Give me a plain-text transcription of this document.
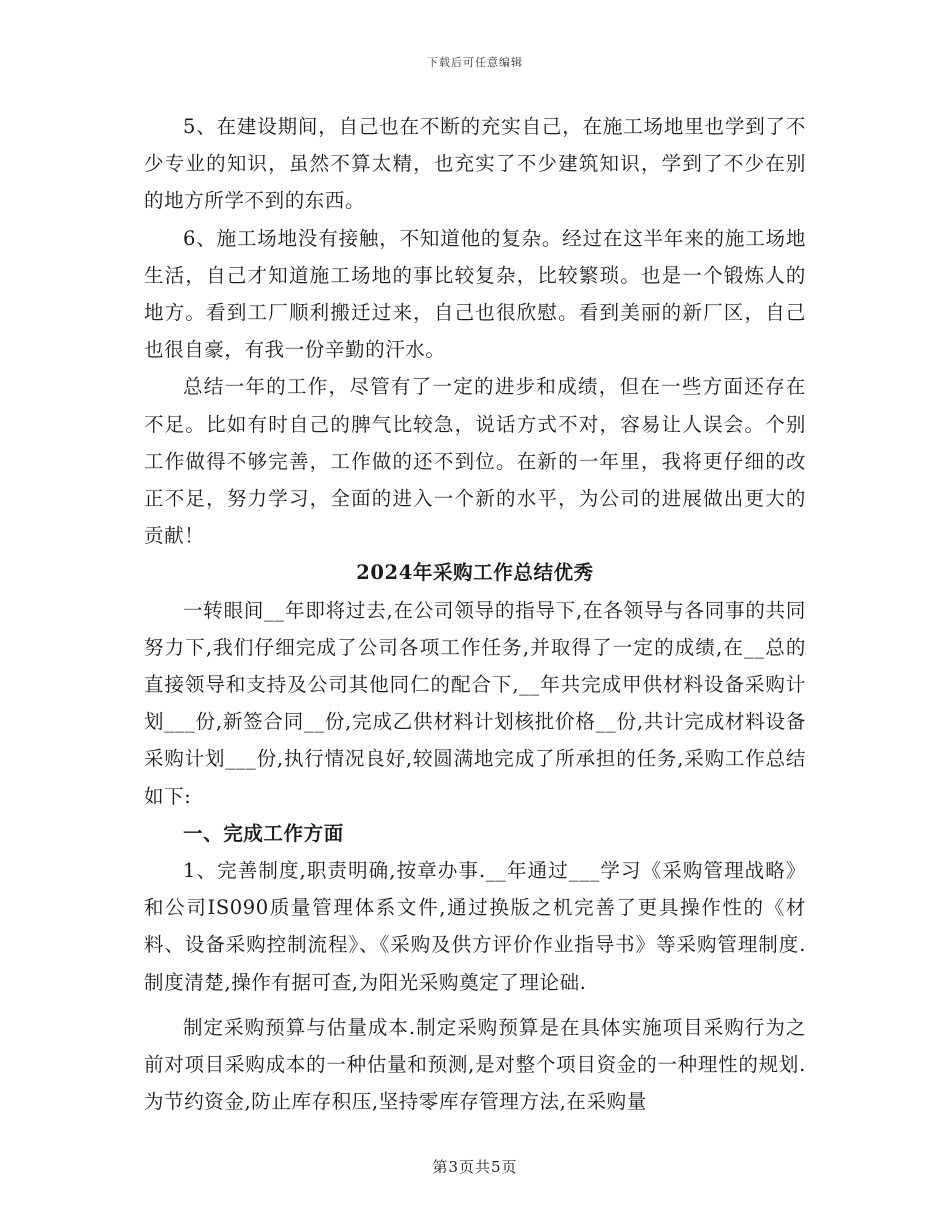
下载后可任意编辑

5、在建设期间，自己也在不断的充实自己，在施工场地里也学到了不少专业的知识，虽然不算太精，也充实了不少建筑知识，学到了不少在别的地方所学不到的东西。

6、施工场地没有接触，不知道他的复杂。经过在这半年来的施工场地生活，自己才知道施工场地的事比较复杂，比较繁琐。也是一个锻炼人的地方。看到工厂顺利搬迁过来，自己也很欣慰。看到美丽的新厂区，自己也很自豪，有我一份辛勤的汗水。

总结一年的工作，尽管有了一定的进步和成绩，但在一些方面还存在不足。比如有时自己的脾气比较急，说话方式不对，容易让人误会。个别工作做得不够完善，工作做的还不到位。在新的一年里，我将更仔细的改正不足，努力学习，全面的进入一个新的水平，为公司的进展做出更大的贡献！

2024年采购工作总结优秀

一转眼间__年即将过去,在公司领导的指导下,在各领导与各同事的共同努力下,我们仔细完成了公司各项工作任务,并取得了一定的成绩,在__总的直接领导和支持及公司其他同仁的配合下,__年共完成甲供材料设备采购计划___份,新签合同__份,完成乙供材料计划核批价格__份,共计完成材料设备采购计划___份,执行情况良好,较圆满地完成了所承担的任务,采购工作总结如下:

一、完成工作方面

1、完善制度,职责明确,按章办事.__年通过___学习《采购管理战略》和公司IS090质量管理体系文件,通过换版之机完善了更具操作性的《材料、设备采购控制流程》、《采购及供方评价作业指导书》等采购管理制度.制度清楚,操作有据可查,为阳光采购奠定了理论础.

制定采购预算与估量成本.制定采购预算是在具体实施项目采购行为之前对项目采购成本的一种估量和预测,是对整个项目资金的一种理性的规划.为节约资金,防止库存积压,坚持零库存管理方法,在采购量

第3页共5页
